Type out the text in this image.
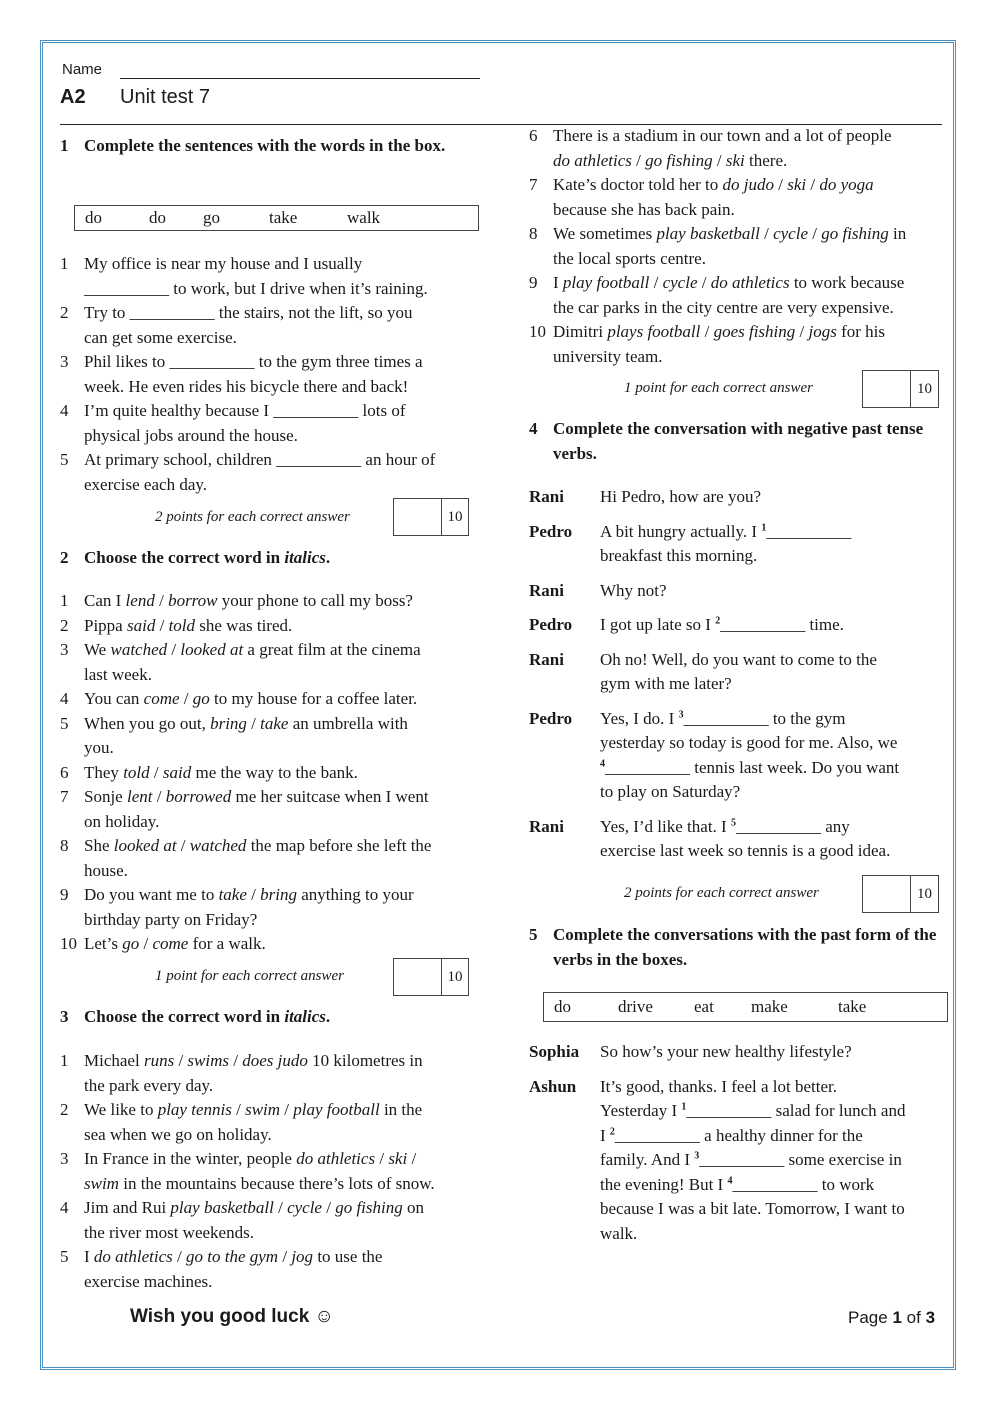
Name
A2 Unit test 7
1 Complete the sentences with the words in the box.
do	do	go	take	walk
1 My office is near my house and I usually
__________ to work, but I drive when it’s raining.
2 Try to __________ the stairs, not the lift, so you
can get some exercise.
3 Phil likes to __________ to the gym three times a
week. He even rides his bicycle there and back!
4 I’m quite healthy because I __________ lots of
physical jobs around the house.
5 At primary school, children __________ an hour of
exercise each day.
2 points for each correct answer	10
2 Choose the correct word in italics.
1 Can I lend / borrow your phone to call my boss?
2 Pippa said / told she was tired.
3 We watched / looked at a great film at the cinema
last week.
4 You can come / go to my house for a coffee later.
5 When you go out, bring / take an umbrella with
you.
6 They told / said me the way to the bank.
7 Sonje lent / borrowed me her suitcase when I went
on holiday.
8 She looked at / watched the map before she left the
house.
9 Do you want me to take / bring anything to your
birthday party on Friday?
10 Let’s go / come for a walk.
1 point for each correct answer	10
3 Choose the correct word in italics.
1 Michael runs / swims / does judo 10 kilometres in
the park every day.
2 We like to play tennis / swim / play football in the
sea when we go on holiday.
3 In France in the winter, people do athletics / ski /
swim in the mountains because there’s lots of snow.
4 Jim and Rui play basketball / cycle / go fishing on
the river most weekends.
5 I do athletics / go to the gym / jog to use the
exercise machines.
6 There is a stadium in our town and a lot of people
do athletics / go fishing / ski there.
7 Kate’s doctor told her to do judo / ski / do yoga
because she has back pain.
8 We sometimes play basketball / cycle / go fishing in
the local sports centre.
9 I play football / cycle / do athletics to work because
the car parks in the city centre are very expensive.
10 Dimitri plays football / goes fishing / jogs for his
university team.
1 point for each correct answer	10
4 Complete the conversation with negative past tense verbs.
Rani Hi Pedro, how are you?
Pedro A bit hungry actually. I $^1$__________
breakfast this morning.
Rani Why not?
Pedro I got up late so I $^2$__________ time.
Rani Oh no! Well, do you want to come to the
gym with me later?
Pedro Yes, I do. I $^3$__________ to the gym
yesterday so today is good for me. Also, we
$^4$__________ tennis last week. Do you want
to play on Saturday?
Rani Yes, I’d like that. I $^5$__________ any
exercise last week so tennis is a good idea.
2 points for each correct answer	10
5 Complete the conversations with the past form of the verbs in the boxes.
do	drive	eat	make	take
Sophia So how’s your new healthy lifestyle?
Ashun It’s good, thanks. I feel a lot better.
Yesterday I $^1$__________ salad for lunch and
I $^2$__________ a healthy dinner for the
family. And I $^3$__________ some exercise in
the evening! But I $^4$__________ to work
because I was a bit late. Tomorrow, I want to
walk.
Wish you good luck ☺	Page 1 of 3
